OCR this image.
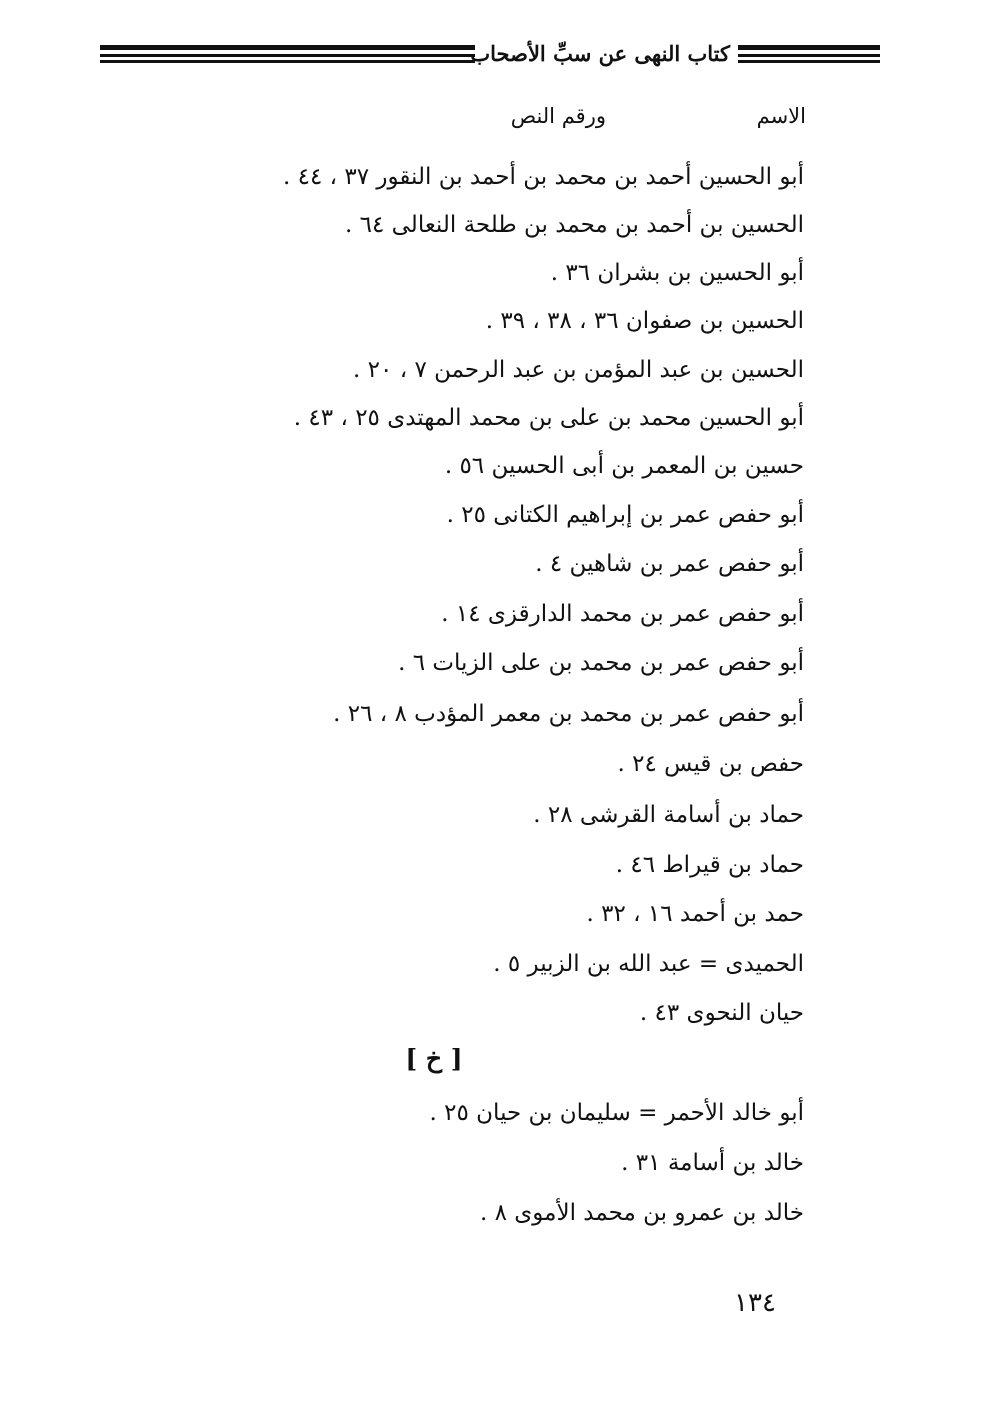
كتاب النهى عن سبِّ الأصحاب
الاسم
ورقم النص
أبو الحسين أحمد بن محمد بن أحمد بن النقور ٣٧ ، ٤٤ .
الحسين بن أحمد بن محمد بن طلحة النعالى ٦٤ .
أبو الحسين بن بشران ٣٦ .
الحسين بن صفوان ٣٦ ، ٣٨ ، ٣٩ .
الحسين بن عبد المؤمن بن عبد الرحمن ٧ ، ٢٠ .
أبو الحسين محمد بن على بن محمد المهتدى ٢٥ ، ٤٣ .
حسين بن المعمر بن أبى الحسين ٥٦ .
أبو حفص عمر بن إبراهيم الكتانى ٢٥ .
أبو حفص عمر بن شاهين ٤ .
أبو حفص عمر بن محمد الدارقزى ١٤ .
أبو حفص عمر بن محمد بن على الزيات ٦ .
أبو حفص عمر بن محمد بن معمر المؤدب ٨ ، ٢٦ .
حفص بن قيس ٢٤ .
حماد بن أسامة القرشى ٢٨ .
حماد بن قيراط ٤٦ .
حمد بن أحمد ١٦ ، ٣٢ .
الحميدى = عبد الله بن الزبير ٥ .
حيان النحوى ٤٣ .
[ خ ]
أبو خالد الأحمر = سليمان بن حيان ٢٥ .
خالد بن أسامة ٣١ .
خالد بن عمرو بن محمد الأموى ٨ .
١٣٤
